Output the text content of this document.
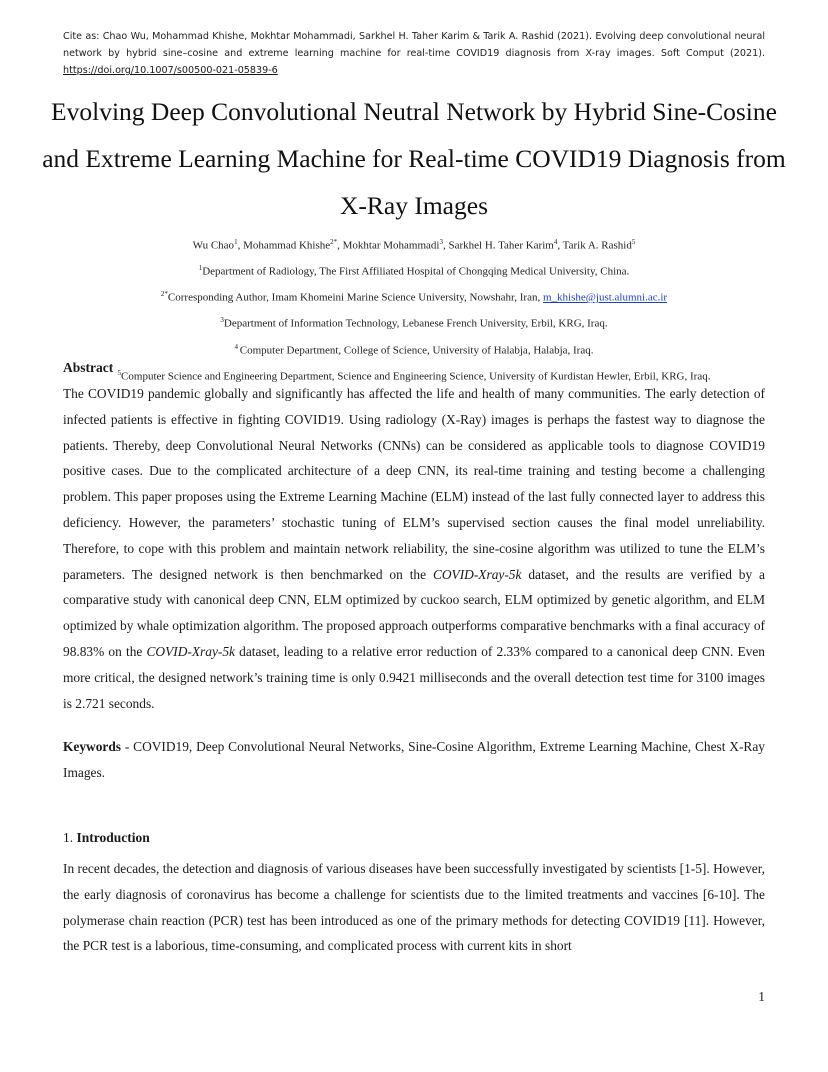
Cite as: Chao Wu, Mohammad Khishe, Mokhtar Mohammadi, Sarkhel H. Taher Karim & Tarik A. Rashid (2021). Evolving deep convolutional neural network by hybrid sine–cosine and extreme learning machine for real-time COVID19 diagnosis from X-ray images. Soft Comput (2021). https://doi.org/10.1007/s00500-021-05839-6
Evolving Deep Convolutional Neutral Network by Hybrid Sine-Cosine and Extreme Learning Machine for Real-time COVID19 Diagnosis from X-Ray Images
Wu Chao$^1$, Mohammad Khishe$^{2*}$, Mokhtar Mohammadi$^3$, Sarkhel H. Taher Karim$^4$, Tarik A. Rashid$^5$
$^1$Department of Radiology, The First Affiliated Hospital of Chongqing Medical University, China.
$^{2*}$Corresponding Author, Imam Khomeini Marine Science University, Nowshahr, Iran, m_khishe@just.alumni.ac.ir
$^3$Department of Information Technology, Lebanese French University, Erbil, KRG, Iraq.
$^4$ Computer Department, College of Science, University of Halabja, Halabja, Iraq.
$^5$Computer Science and Engineering Department, Science and Engineering Science, University of Kurdistan Hewler, Erbil, KRG, Iraq.
Abstract
The COVID19 pandemic globally and significantly has affected the life and health of many communities. The early detection of infected patients is effective in fighting COVID19. Using radiology (X-Ray) images is perhaps the fastest way to diagnose the patients. Thereby, deep Convolutional Neural Networks (CNNs) can be considered as applicable tools to diagnose COVID19 positive cases. Due to the complicated architecture of a deep CNN, its real-time training and testing become a challenging problem. This paper proposes using the Extreme Learning Machine (ELM) instead of the last fully connected layer to address this deficiency. However, the parameters’ stochastic tuning of ELM’s supervised section causes the final model unreliability. Therefore, to cope with this problem and maintain network reliability, the sine-cosine algorithm was utilized to tune the ELM’s parameters. The designed network is then benchmarked on the COVID-Xray-5k dataset, and the results are verified by a comparative study with canonical deep CNN, ELM optimized by cuckoo search, ELM optimized by genetic algorithm, and ELM optimized by whale optimization algorithm. The proposed approach outperforms comparative benchmarks with a final accuracy of 98.83% on the COVID-Xray-5k dataset, leading to a relative error reduction of 2.33% compared to a canonical deep CNN. Even more critical, the designed network’s training time is only 0.9421 milliseconds and the overall detection test time for 3100 images is 2.721 seconds.
Keywords - COVID19, Deep Convolutional Neural Networks, Sine-Cosine Algorithm, Extreme Learning Machine, Chest X-Ray Images.
1. Introduction
In recent decades, the detection and diagnosis of various diseases have been successfully investigated by scientists [1-5]. However, the early diagnosis of coronavirus has become a challenge for scientists due to the limited treatments and vaccines [6-10]. The polymerase chain reaction (PCR) test has been introduced as one of the primary methods for detecting COVID19 [11]. However, the PCR test is a laborious, time-consuming, and complicated process with current kits in short
1
